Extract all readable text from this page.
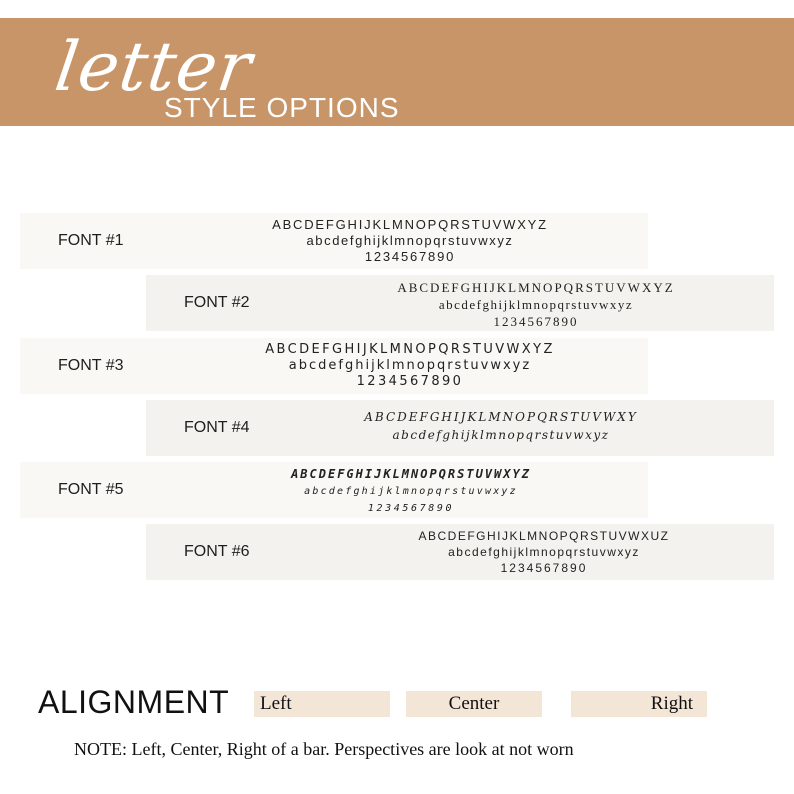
letter
STYLE OPTIONS
FONT #1
ABCDEFGHIJKLMNOPQRSTUVWXYZ
abcdefghijklmnopqrstuvwxyz
1234567890
FONT #2
ABCDEFGHIJKLMNOPQRSTUVWXYZ
abcdefghijklmnopqrstuvwxyz
1234567890
FONT #3
ABCDEFGHIJKLMNOPQRSTUVWXYZ
abcdefghijklmnopqrstuvwxyz
1234567890
FONT #4
ABCDEFGHIJKLMNOPQRSTUVWXY
abcdefghijklmnopqrstuvwxyz
FONT #5
ABCDEFGHIJKLMNOPQRSTUVWXYZ
abcdefghijklmnopqrstuvwxyz
1234567890
FONT #6
ABCDEFGHIJKLMNOPQRSTUVWXUZ
abcdefghijklmnopqrstuvwxyz
1234567890
ALIGNMENT	Left	Center	Right
NOTE: Left, Center, Right of a bar. Perspectives are look at not worn
